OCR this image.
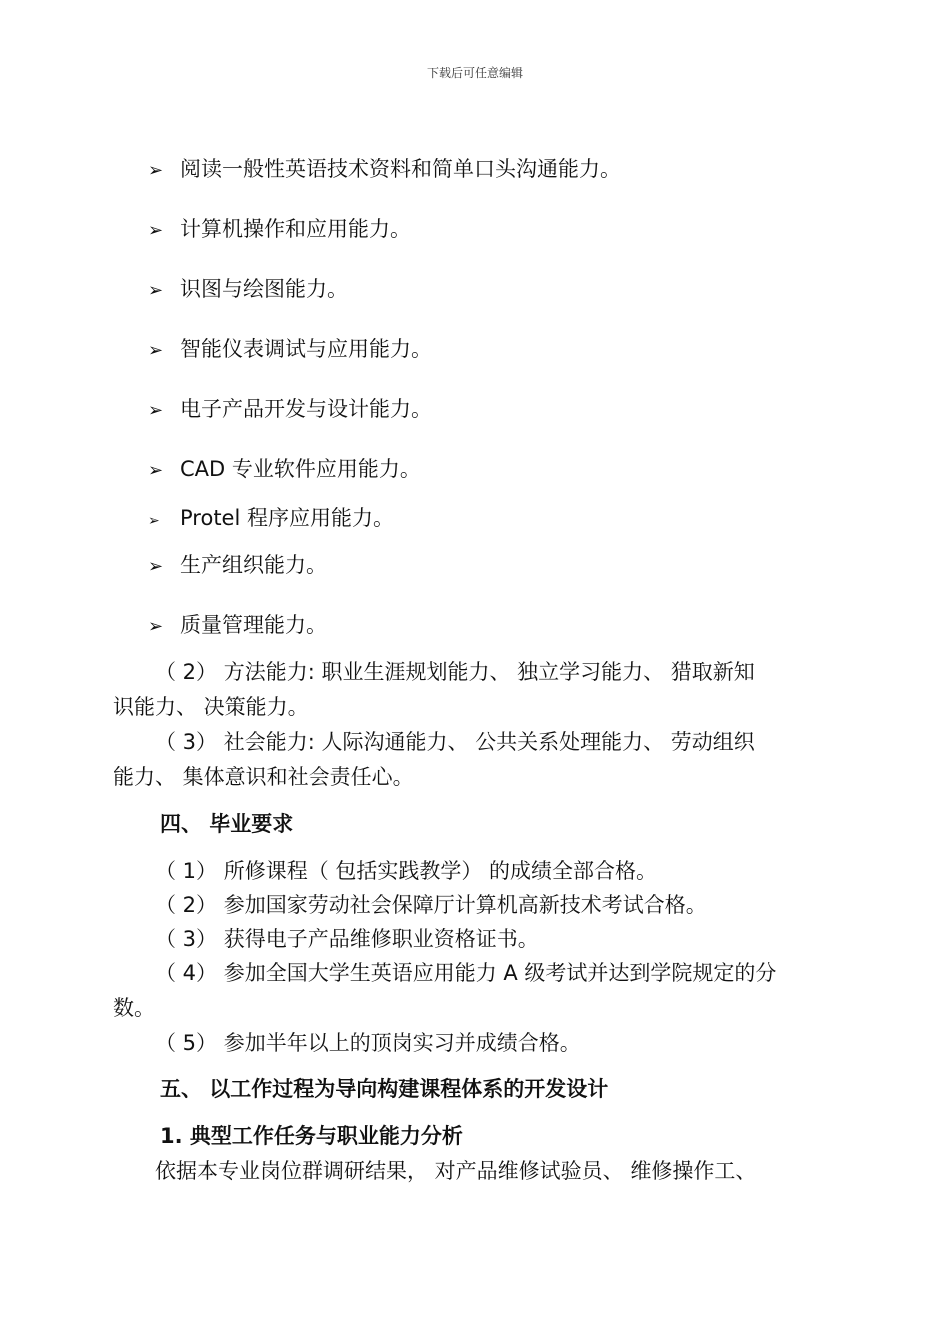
下载后可任意编辑
➢ 阅读一般性英语技术资料和简单口头沟通能力。
➢ 计算机操作和应用能力。
➢ 识图与绘图能力。
➢ 智能仪表调试与应用能力。
➢ 电子产品开发与设计能力。
➢ CAD 专业软件应用能力。
➢ Protel 程序应用能力。
➢ 生产组织能力。
➢ 质量管理能力。
（ 2） 方法能力: 职业生涯规划能力、 独立学习能力、 猎取新知
识能力、 决策能力。
（ 3） 社会能力: 人际沟通能力、 公共关系处理能力、 劳动组织
能力、 集体意识和社会责任心。
四、 毕业要求
（ 1） 所修课程（ 包括实践教学） 的成绩全部合格。
（ 2） 参加国家劳动社会保障厅计算机高新技术考试合格。
（ 3） 获得电子产品维修职业资格证书。
（ 4） 参加全国大学生英语应用能力 A 级考试并达到学院规定的分
数。
（ 5） 参加半年以上的顶岗实习并成绩合格。
五、 以工作过程为导向构建课程体系的开发设计
1. 典型工作任务与职业能力分析
依据本专业岗位群调研结果， 对产品维修试验员、 维修操作工、
